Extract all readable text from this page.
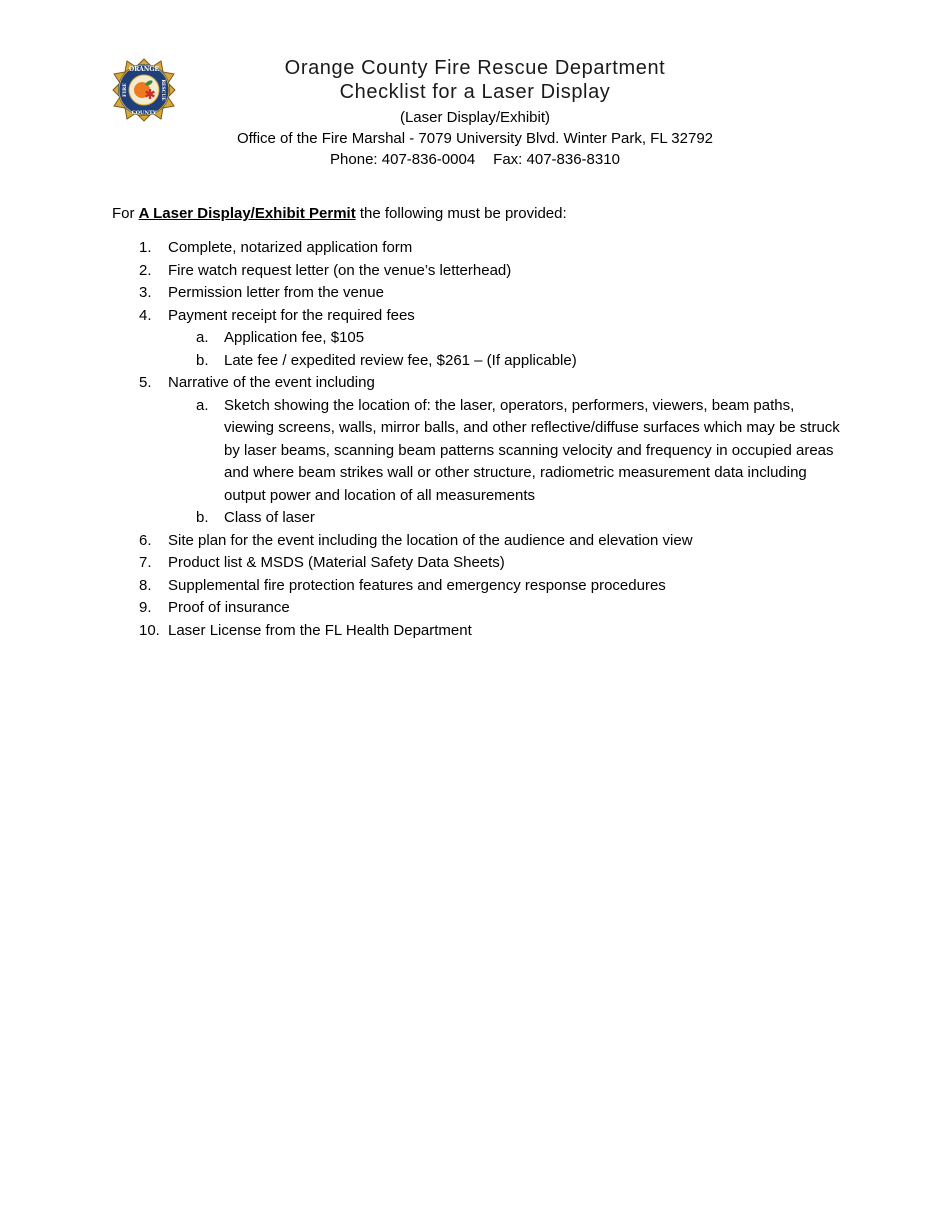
ORANGE
COUNTY
FIRE	RESCUE
Orange County Fire Rescue Department
Checklist for a Laser Display
(Laser Display/Exhibit)
Office of the Fire Marshal - 7079 University Blvd. Winter Park, FL 32792
Phone: 407-836-0004 Fax: 407-836-8310
For A Laser Display/Exhibit Permit the following must be provided:
1. Complete, notarized application form
2. Fire watch request letter (on the venue’s letterhead)
3. Permission letter from the venue
4. Payment receipt for the required fees
a. Application fee, $105
b. Late fee / expedited review fee, $261 – (If applicable)
5. Narrative of the event including
a. Sketch showing the location of: the laser, operators, performers, viewers, beam paths, viewing screens, walls, mirror balls, and other reflective/diffuse surfaces which may be struck by laser beams, scanning beam patterns scanning velocity and frequency in occupied areas and where beam strikes wall or other structure, radiometric measurement data including output power and location of all measurements
b. Class of laser
6. Site plan for the event including the location of the audience and elevation view
7. Product list & MSDS (Material Safety Data Sheets)
8. Supplemental fire protection features and emergency response procedures
9. Proof of insurance
10. Laser License from the FL Health Department
